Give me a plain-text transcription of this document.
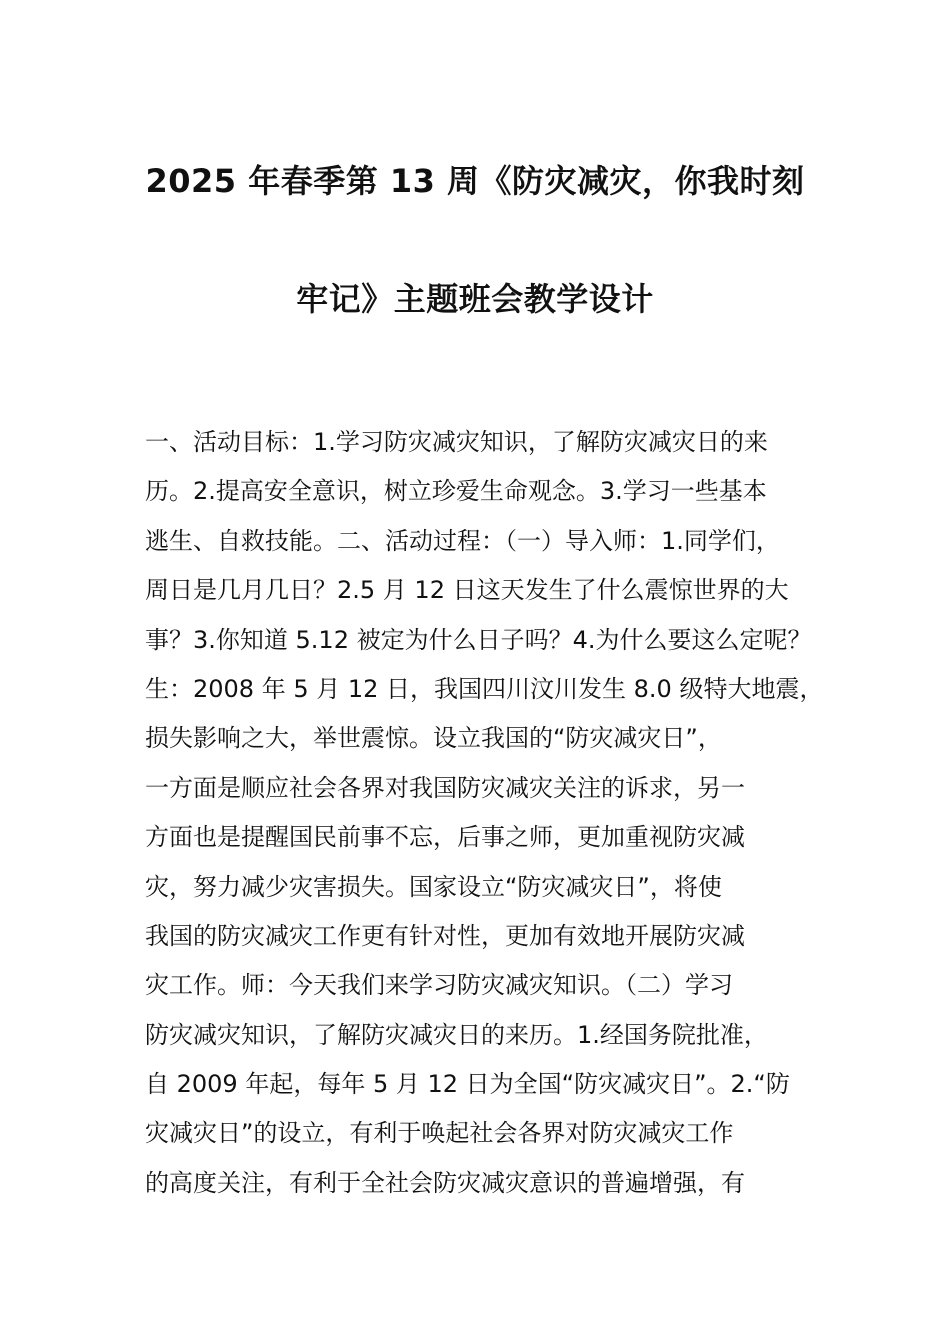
2025 年春季第 13 周《防灾减灾，你我时刻

牢记》主题班会教学设计

一、活动目标：1.学习防灾减灾知识，了解防灾减灾日的来

历。2.提高安全意识，树立珍爱生命观念。3.学习一些基本

逃生、自救技能。二、活动过程：（一）导入师：1.同学们，

周日是几月几日？2.5 月 12 日这天发生了什么震惊世界的大

事？3.你知道 5.12 被定为什么日子吗？4.为什么要这么定呢？

生：2008 年 5 月 12 日，我国四川汶川发生 8.0 级特大地震，

损失影响之大，举世震惊。设立我国的“防灾减灾日”，

一方面是顺应社会各界对我国防灾减灾关注的诉求，另一

方面也是提醒国民前事不忘，后事之师，更加重视防灾减

灾，努力减少灾害损失。国家设立“防灾减灾日”，将使

我国的防灾减灾工作更有针对性，更加有效地开展防灾减

灾工作。师：今天我们来学习防灾减灾知识。（二）学习

防灾减灾知识，了解防灾减灾日的来历。1.经国务院批准，

自 2009 年起，每年 5 月 12 日为全国“防灾减灾日”。2.“防

灾减灾日”的设立，有利于唤起社会各界对防灾减灾工作

的高度关注，有利于全社会防灾减灾意识的普遍增强，有
